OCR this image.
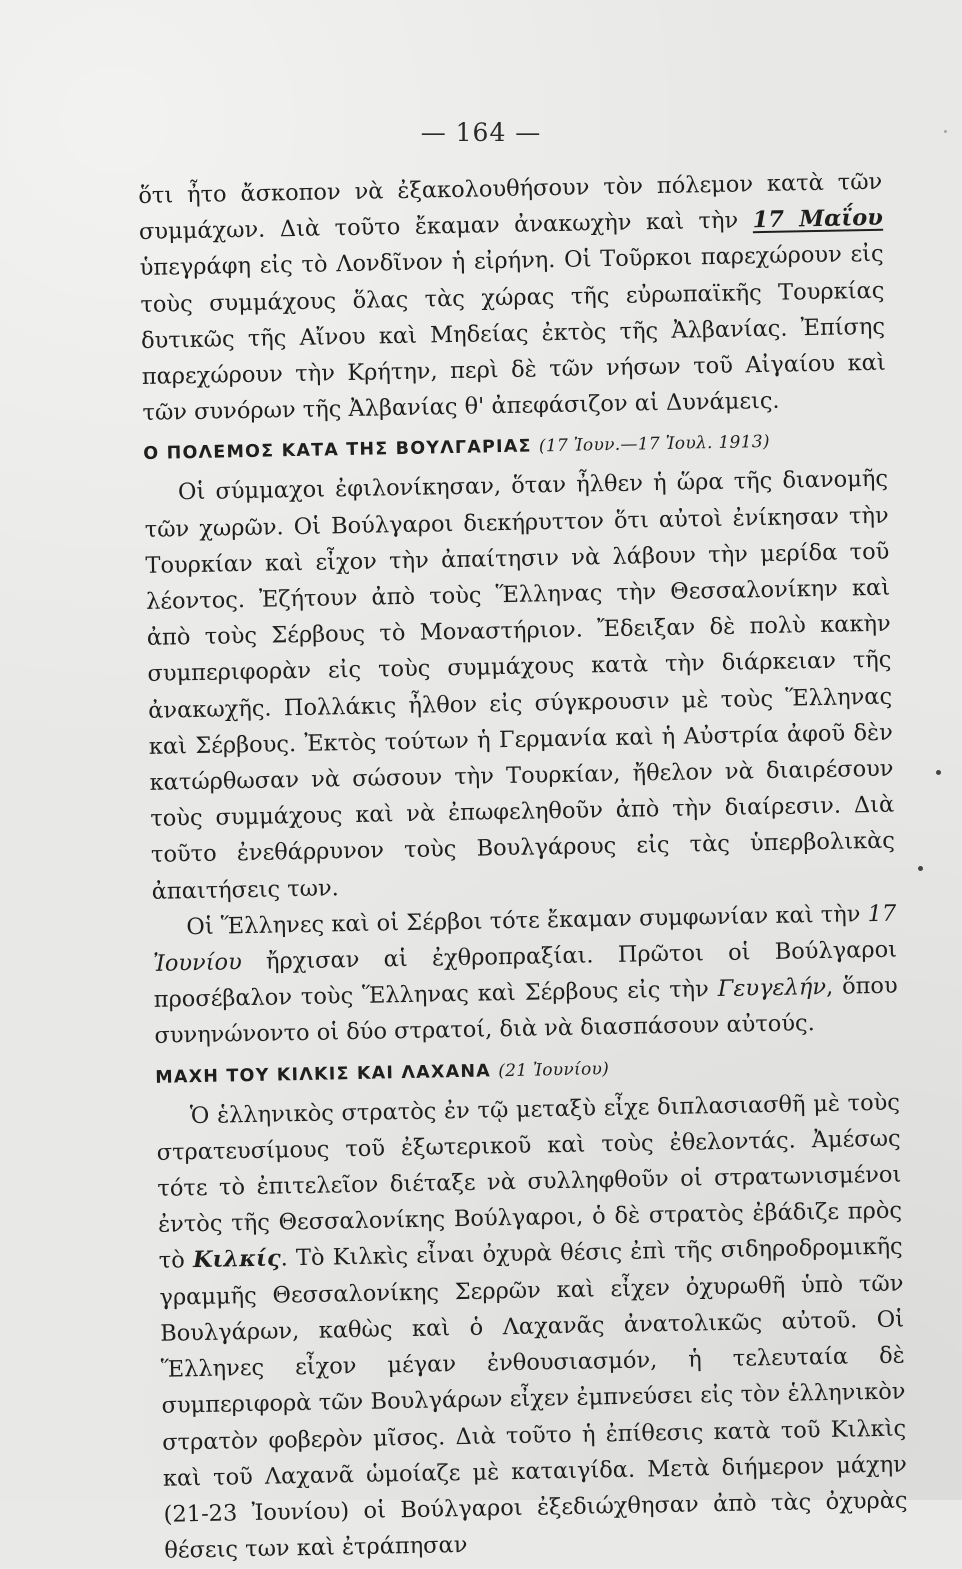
— 164 —

ὅτι ἦτο ἄσκοπον νὰ ἐξακολουθήσουν τὸν πόλεμον κατὰ τῶν συμμάχων. Διὰ τοῦτο ἔκαμαν ἀνακωχὴν καὶ τὴν 17 Μαΐου ὑπεγράφη εἰς τὸ Λονδῖνον ἡ εἰρήνη. Οἱ Τοῦρκοι παρεχώρουν εἰς τοὺς συμμάχους ὅλας τὰς χώρας τῆς εὐρωπαϊκῆς Τουρκίας δυτικῶς τῆς Αἴνου καὶ Μηδείας ἐκτὸς τῆς Ἀλβανίας. Ἐπίσης παρεχώρουν τὴν Κρήτην, περὶ δὲ τῶν νήσων τοῦ Αἰγαίου καὶ τῶν συνόρων τῆς Ἀλβανίας θ' ἀπεφάσιζον αἱ Δυνάμεις.

Ο ΠΟΛΕΜΟΣ ΚΑΤΑ ΤΗΣ ΒΟΥΛΓΑΡΙΑΣ (17 Ἰουν.—17 Ἰουλ. 1913)

Οἱ σύμμαχοι ἐφιλονίκησαν, ὅταν ἦλθεν ἡ ὥρα τῆς διανομῆς τῶν χωρῶν. Οἱ Βούλγαροι διεκήρυττον ὅτι αὐτοὶ ἐνίκησαν τὴν Τουρκίαν καὶ εἶχον τὴν ἀπαίτησιν νὰ λάβουν τὴν μερίδα τοῦ λέοντος. Ἐζήτουν ἀπὸ τοὺς Ἕλληνας τὴν Θεσσαλονίκην καὶ ἀπὸ τοὺς Σέρβους τὸ Μοναστήριον. Ἔδειξαν δὲ πολὺ κακὴν συμπεριφορὰν εἰς τοὺς συμμάχους κατὰ τὴν διάρκειαν τῆς ἀνακωχῆς. Πολλάκις ἦλθον εἰς σύγκρουσιν μὲ τοὺς Ἕλληνας καὶ Σέρβους. Ἐκτὸς τούτων ἡ Γερμανία καὶ ἡ Αὐστρία ἀφοῦ δὲν κατώρθωσαν νὰ σώσουν τὴν Τουρκίαν, ἤθελον νὰ διαιρέσουν τοὺς συμμάχους καὶ νὰ ἐπωφεληθοῦν ἀπὸ τὴν διαίρεσιν. Διὰ τοῦτο ἐνεθάρρυνον τοὺς Βουλγάρους εἰς τὰς ὑπερβολικὰς ἀπαιτήσεις των.

Οἱ Ἕλληνες καὶ οἱ Σέρβοι τότε ἔκαμαν συμφωνίαν καὶ τὴν 17 Ἰουνίου ἤρχισαν αἱ ἐχθροπραξίαι. Πρῶτοι οἱ Βούλγαροι προσέβαλον τοὺς Ἕλληνας καὶ Σέρβους εἰς τὴν Γευγελήν, ὅπου συνηνώνοντο οἱ δύο στρατοί, διὰ νὰ διασπάσουν αὐτούς.

ΜΑΧΗ ΤΟΥ ΚΙΛΚΙΣ ΚΑΙ ΛΑΧΑΝΑ (21 Ἰουνίου)

Ὁ ἑλληνικὸς στρατὸς ἐν τῷ μεταξὺ εἶχε διπλασιασθῆ μὲ τοὺς στρατευσίμους τοῦ ἐξωτερικοῦ καὶ τοὺς ἐθελοντάς. Ἀμέσως τότε τὸ ἐπιτελεῖον διέταξε νὰ συλληφθοῦν οἱ στρατωνισμένοι ἐντὸς τῆς Θεσσαλονίκης Βούλγαροι, ὁ δὲ στρατὸς ἐβάδιζε πρὸς τὸ Κιλκίς. Τὸ Κιλκὶς εἶναι ὀχυρὰ θέσις ἐπὶ τῆς σιδηροδρομικῆς γραμμῆς Θεσσαλονίκης Σερρῶν καὶ εἶχεν ὀχυρωθῆ ὑπὸ τῶν Βουλγάρων, καθὼς καὶ ὁ Λαχανᾶς ἀνατολικῶς αὐτοῦ. Οἱ Ἕλληνες εἶχον μέγαν ἐνθουσιασμόν, ἡ τελευταία δὲ συμπεριφορὰ τῶν Βουλγάρων εἶχεν ἐμπνεύσει εἰς τὸν ἑλληνικὸν στρατὸν φοβερὸν μῖσος. Διὰ τοῦτο ἡ ἐπίθεσις κατὰ τοῦ Κιλκὶς καὶ τοῦ Λαχανᾶ ὡμοίαζε μὲ καταιγίδα. Μετὰ διήμερον μάχην (21-23 Ἰουνίου) οἱ Βούλγαροι ἐξεδιώχθησαν ἀπὸ τὰς ὀχυρὰς θέσεις των καὶ ἐτράπησαν
